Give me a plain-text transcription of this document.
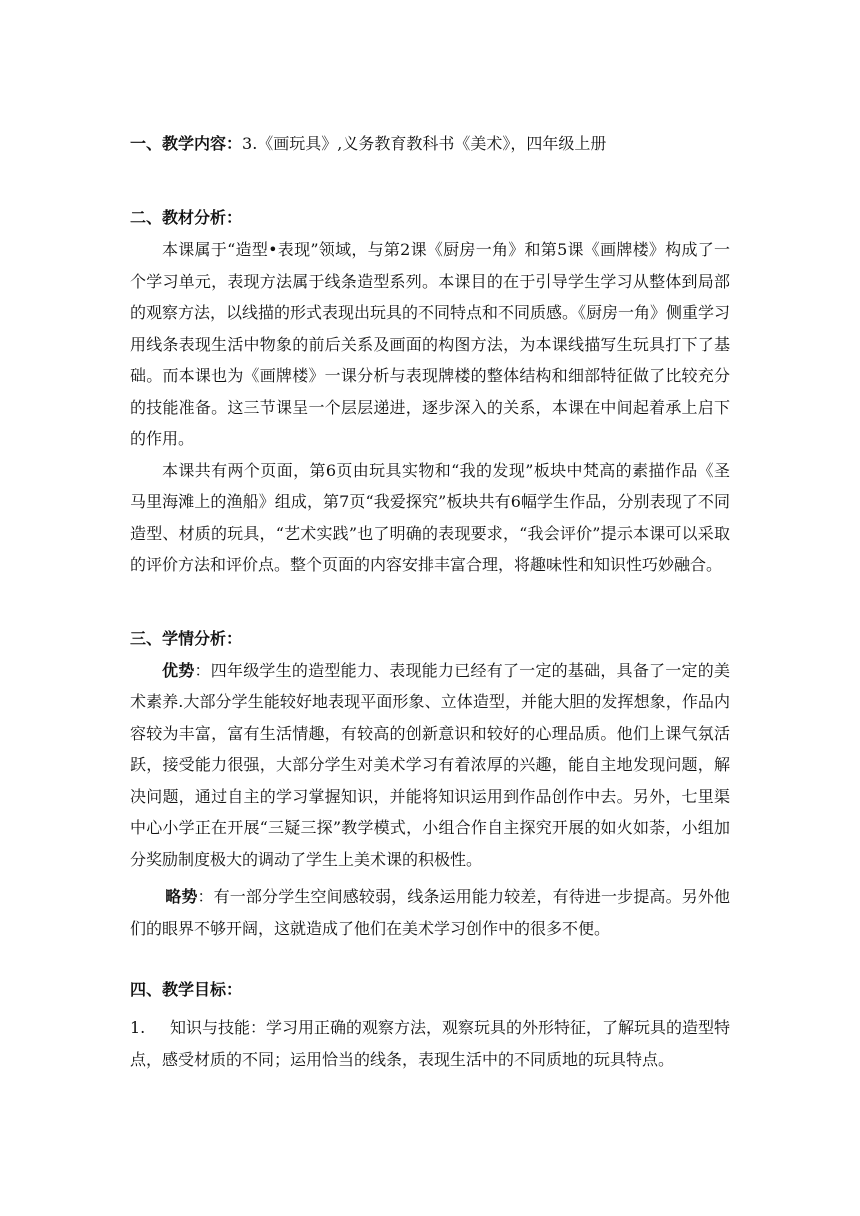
一、教学内容：3.《画玩具》,义务教育教科书《美术》，四年级上册

二、教材分析：

本课属于“造型•表现”领域，与第2课《厨房一角》和第5课《画牌楼》构成了一个学习单元，表现方法属于线条造型系列。本课目的在于引导学生学习从整体到局部的观察方法，以线描的形式表现出玩具的不同特点和不同质感。《厨房一角》侧重学习用线条表现生活中物象的前后关系及画面的构图方法，为本课线描写生玩具打下了基础。而本课也为《画牌楼》一课分析与表现牌楼的整体结构和细部特征做了比较充分的技能准备。这三节课呈一个层层递进，逐步深入的关系，本课在中间起着承上启下的作用。

本课共有两个页面，第6页由玩具实物和“我的发现”板块中梵高的素描作品《圣马里海滩上的渔船》组成，第7页“我爱探究”板块共有6幅学生作品，分别表现了不同造型、材质的玩具，“艺术实践”也了明确的表现要求，“我会评价”提示本课可以采取的评价方法和评价点。整个页面的内容安排丰富合理，将趣味性和知识性巧妙融合。

三、学情分析：

优势：四年级学生的造型能力、表现能力已经有了一定的基础，具备了一定的美术素养.大部分学生能较好地表现平面形象、立体造型，并能大胆的发挥想象，作品内容较为丰富，富有生活情趣，有较高的创新意识和较好的心理品质。他们上课气氛活跃，接受能力很强，大部分学生对美术学习有着浓厚的兴趣，能自主地发现问题，解决问题，通过自主的学习掌握知识，并能将知识运用到作品创作中去。另外，七里渠中心小学正在开展“三疑三探”教学模式，小组合作自主探究开展的如火如荼，小组加分奖励制度极大的调动了学生上美术课的积极性。

略势：有一部分学生空间感较弱，线条运用能力较差，有待进一步提高。另外他们的眼界不够开阔，这就造成了他们在美术学习创作中的很多不便。

四、教学目标：

1. 知识与技能：学习用正确的观察方法，观察玩具的外形特征，了解玩具的造型特点，感受材质的不同；运用恰当的线条，表现生活中的不同质地的玩具特点。
